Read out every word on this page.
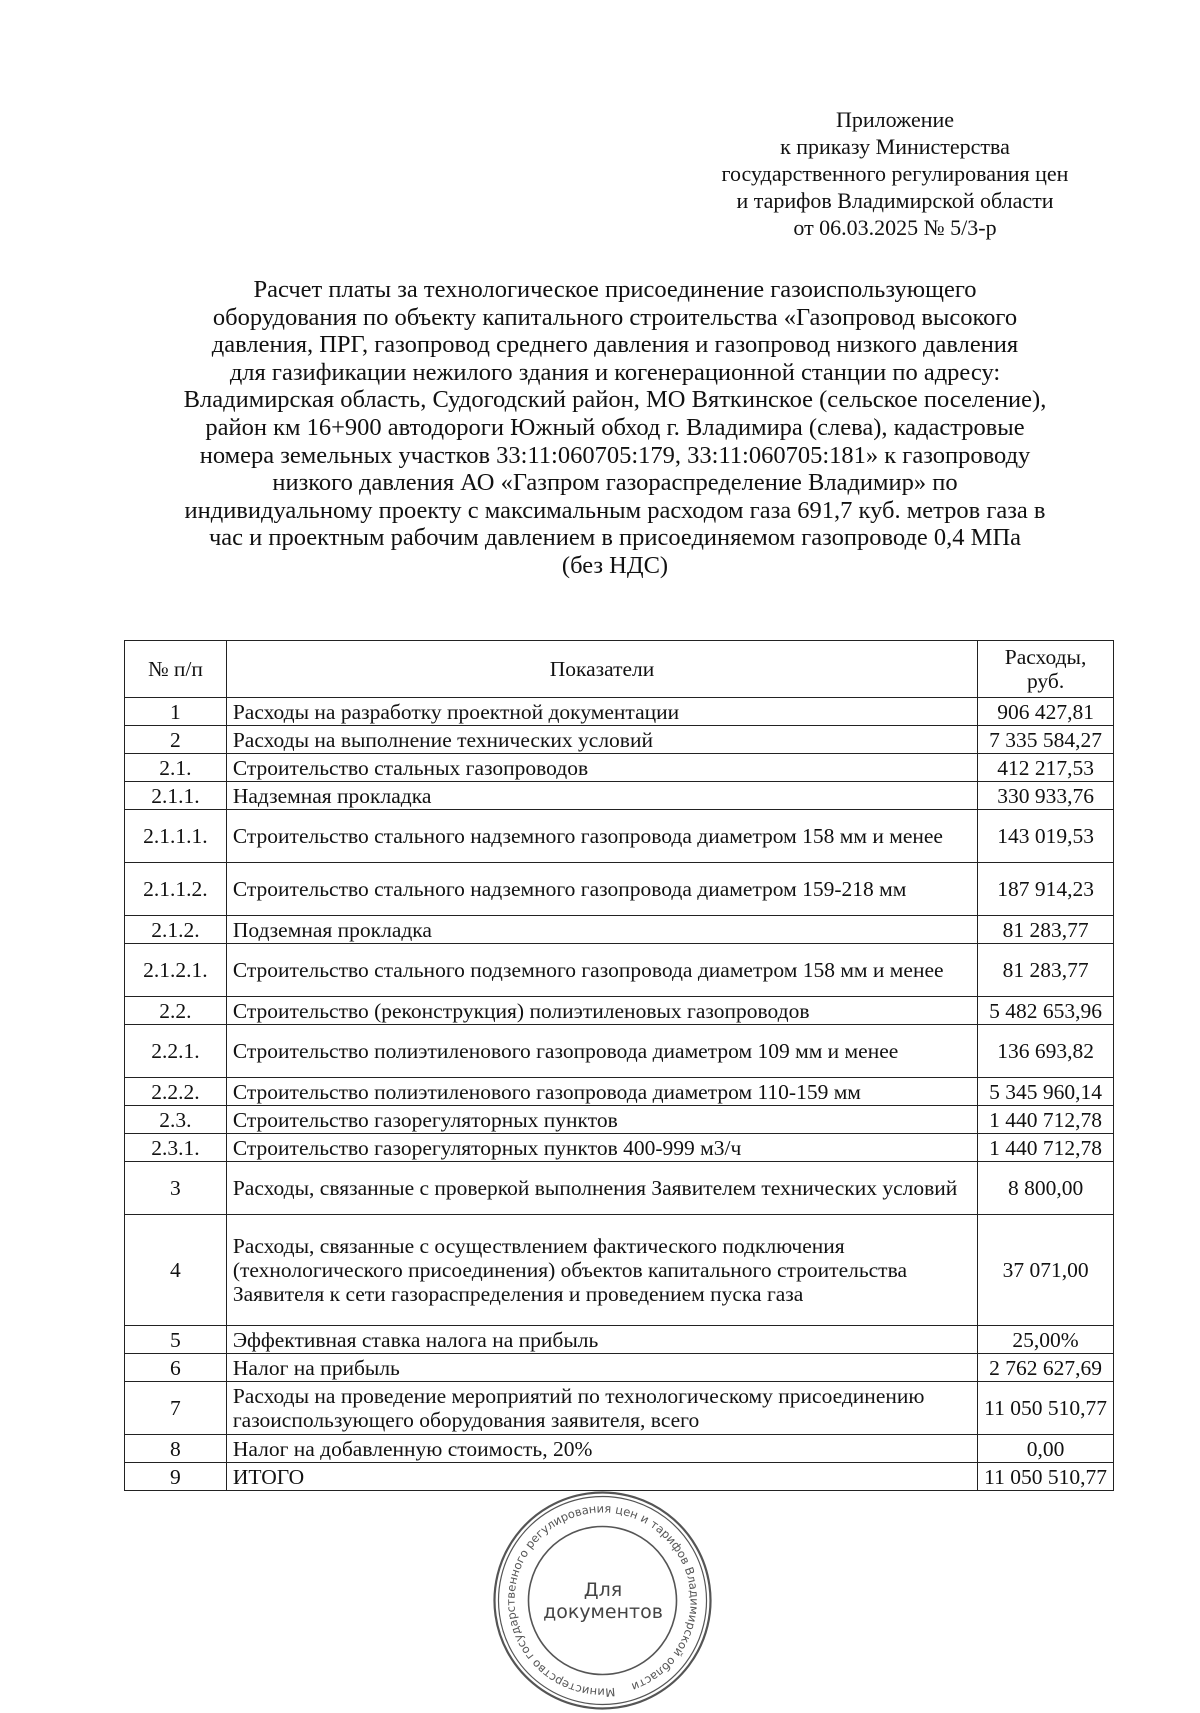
Приложение
к приказу Министерства
государственного регулирования цен
и тарифов Владимирской области
от 06.03.2025 № 5/3-р
Расчет платы за технологическое присоединение газоиспользующего
оборудования по объекту капитального строительства «Газопровод высокого
давления, ПРГ, газопровод среднего давления и газопровод низкого давления
для газификации нежилого здания и когенерационной станции по адресу:
Владимирская область, Судогодский район, МО Вяткинское (сельское поселение),
район км 16+900 автодороги Южный обход г. Владимира (слева), кадастровые
номера земельных участков 33:11:060705:179, 33:11:060705:181» к газопроводу
низкого давления АО «Газпром газораспределение Владимир» по
индивидуальному проекту с максимальным расходом газа 691,7 куб. метров газа в
час и проектным рабочим давлением в присоединяемом газопроводе 0,4 МПа
(без НДС)
№ п/п	Показатели	Расходы, руб.
1	Расходы на разработку проектной документации	906 427,81
2	Расходы на выполнение технических условий	7 335 584,27
2.1.	Строительство стальных газопроводов	412 217,53
2.1.1.	Надземная прокладка	330 933,76
2.1.1.1.	Строительство стального надземного газопровода диаметром 158 мм и менее	143 019,53
2.1.1.2.	Строительство стального надземного газопровода диаметром 159-218 мм	187 914,23
2.1.2.	Подземная прокладка	81 283,77
2.1.2.1.	Строительство стального подземного газопровода диаметром 158 мм и менее	81 283,77
2.2.	Строительство (реконструкция) полиэтиленовых газопроводов	5 482 653,96
2.2.1.	Строительство полиэтиленового газопровода диаметром 109 мм и менее	136 693,82
2.2.2.	Строительство полиэтиленового газопровода диаметром 110-159 мм	5 345 960,14
2.3.	Строительство газорегуляторных пунктов	1 440 712,78
2.3.1.	Строительство газорегуляторных пунктов 400-999 м3/ч	1 440 712,78
3	Расходы, связанные с проверкой выполнения Заявителем технических условий	8 800,00
4	Расходы, связанные с осуществлением фактического подключения (технологического присоединения) объектов капитального строительства Заявителя к сети газораспределения и проведением пуска газа	37 071,00
5	Эффективная ставка налога на прибыль	25,00%
6	Налог на прибыль	2 762 627,69
7	Расходы на проведение мероприятий по технологическому присоединению газоиспользующего оборудования заявителя, всего	11 050 510,77
8	Налог на добавленную стоимость, 20%	0,00
9	ИТОГО	11 050 510,77
Министерство государственного регулирования цен и тарифов Владимирской области
Для
документов
